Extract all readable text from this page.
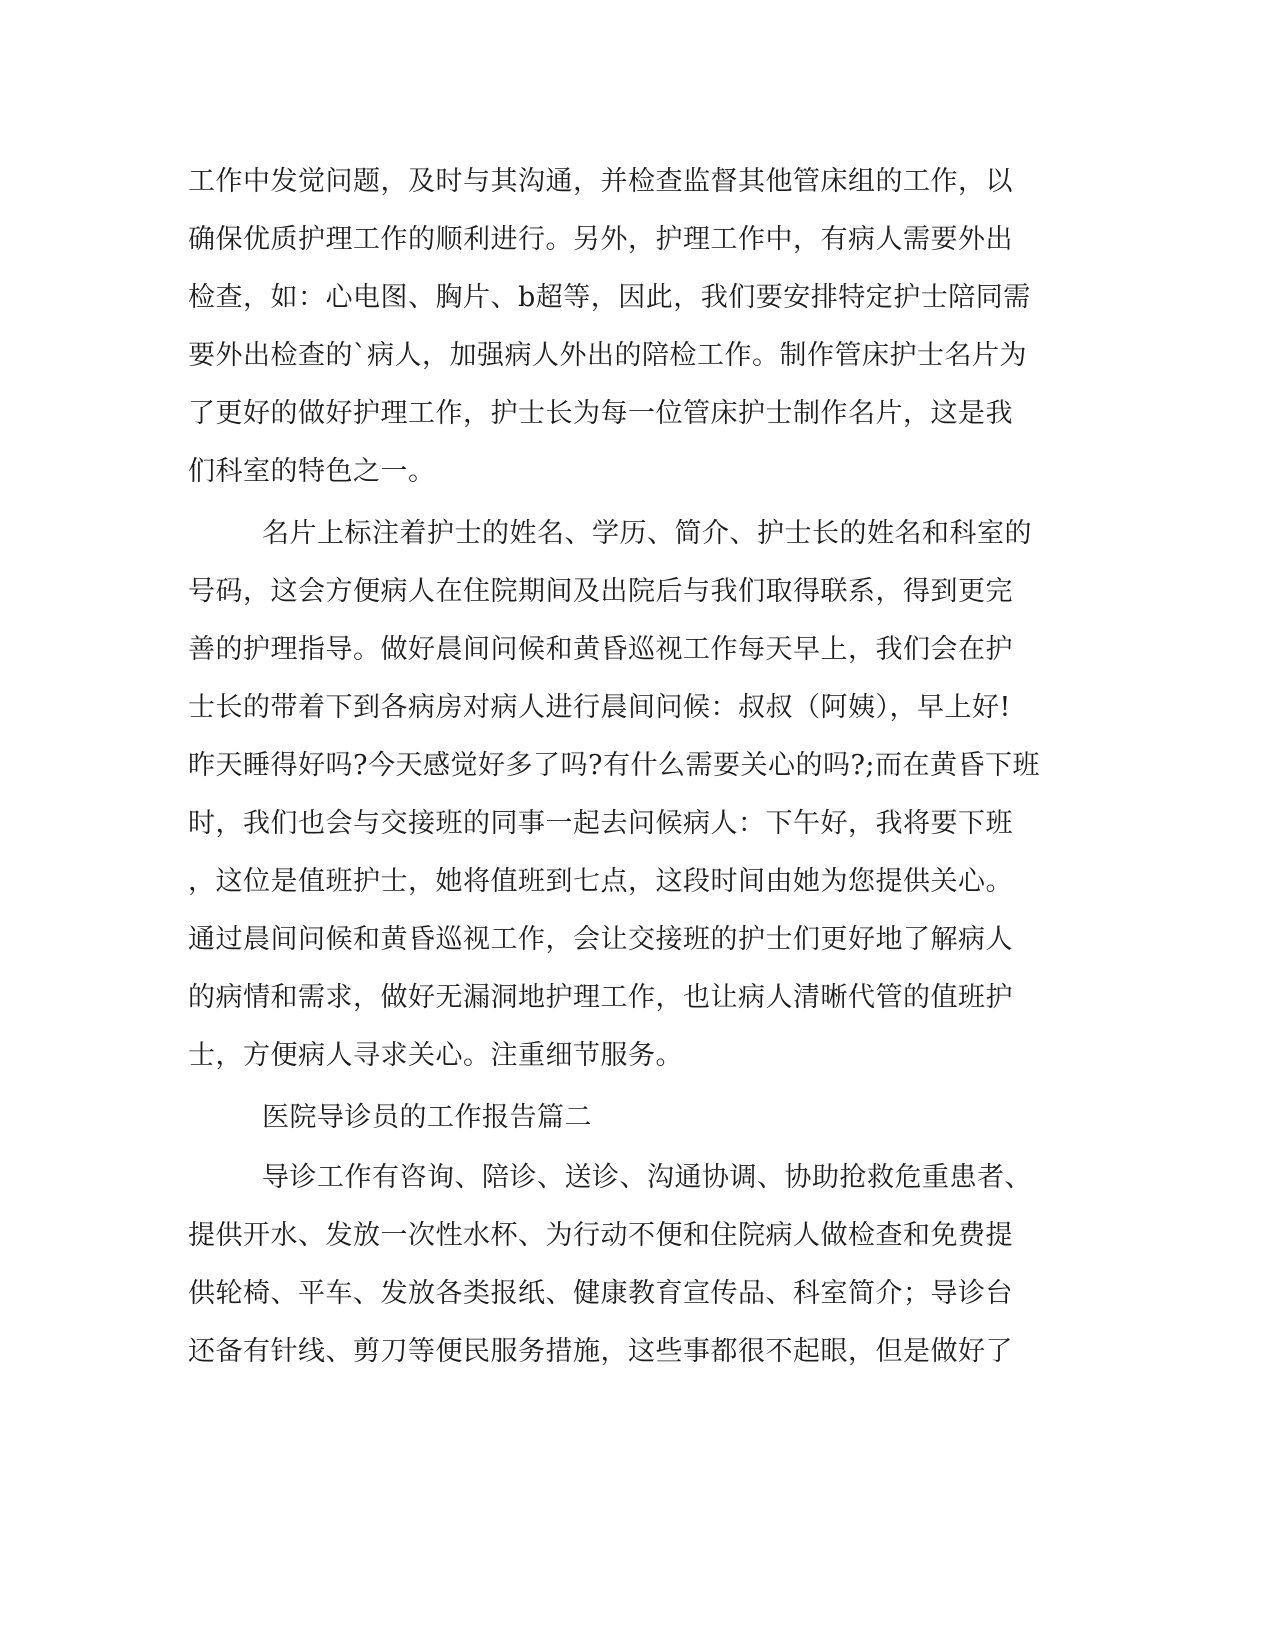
工作中发觉问题，及时与其沟通，并检查监督其他管床组的工作，以

确保优质护理工作的顺利进行。另外，护理工作中，有病人需要外出

检查，如：心电图、胸片、b超等，因此，我们要安排特定护士陪同需

要外出检查的`病人，加强病人外出的陪检工作。制作管床护士名片为

了更好的做好护理工作，护士长为每一位管床护士制作名片，这是我

们科室的特色之一。

名片上标注着护士的姓名、学历、简介、护士长的姓名和科室的

号码，这会方便病人在住院期间及出院后与我们取得联系，得到更完

善的护理指导。做好晨间问候和黄昏巡视工作每天早上，我们会在护

士长的带着下到各病房对病人进行晨间问候：叔叔（阿姨），早上好!

昨天睡得好吗?今天感觉好多了吗?有什么需要关心的吗?;而在黄昏下班

时，我们也会与交接班的同事一起去问候病人：下午好，我将要下班

，这位是值班护士，她将值班到七点，这段时间由她为您提供关心。

通过晨间问候和黄昏巡视工作，会让交接班的护士们更好地了解病人

的病情和需求，做好无漏洞地护理工作，也让病人清晰代管的值班护

士，方便病人寻求关心。注重细节服务。

医院导诊员的工作报告篇二

导诊工作有咨询、陪诊、送诊、沟通协调、协助抢救危重患者、

提供开水、发放一次性水杯、为行动不便和住院病人做检查和免费提

供轮椅、平车、发放各类报纸、健康教育宣传品、科室简介；导诊台

还备有针线、剪刀等便民服务措施，这些事都很不起眼，但是做好了
